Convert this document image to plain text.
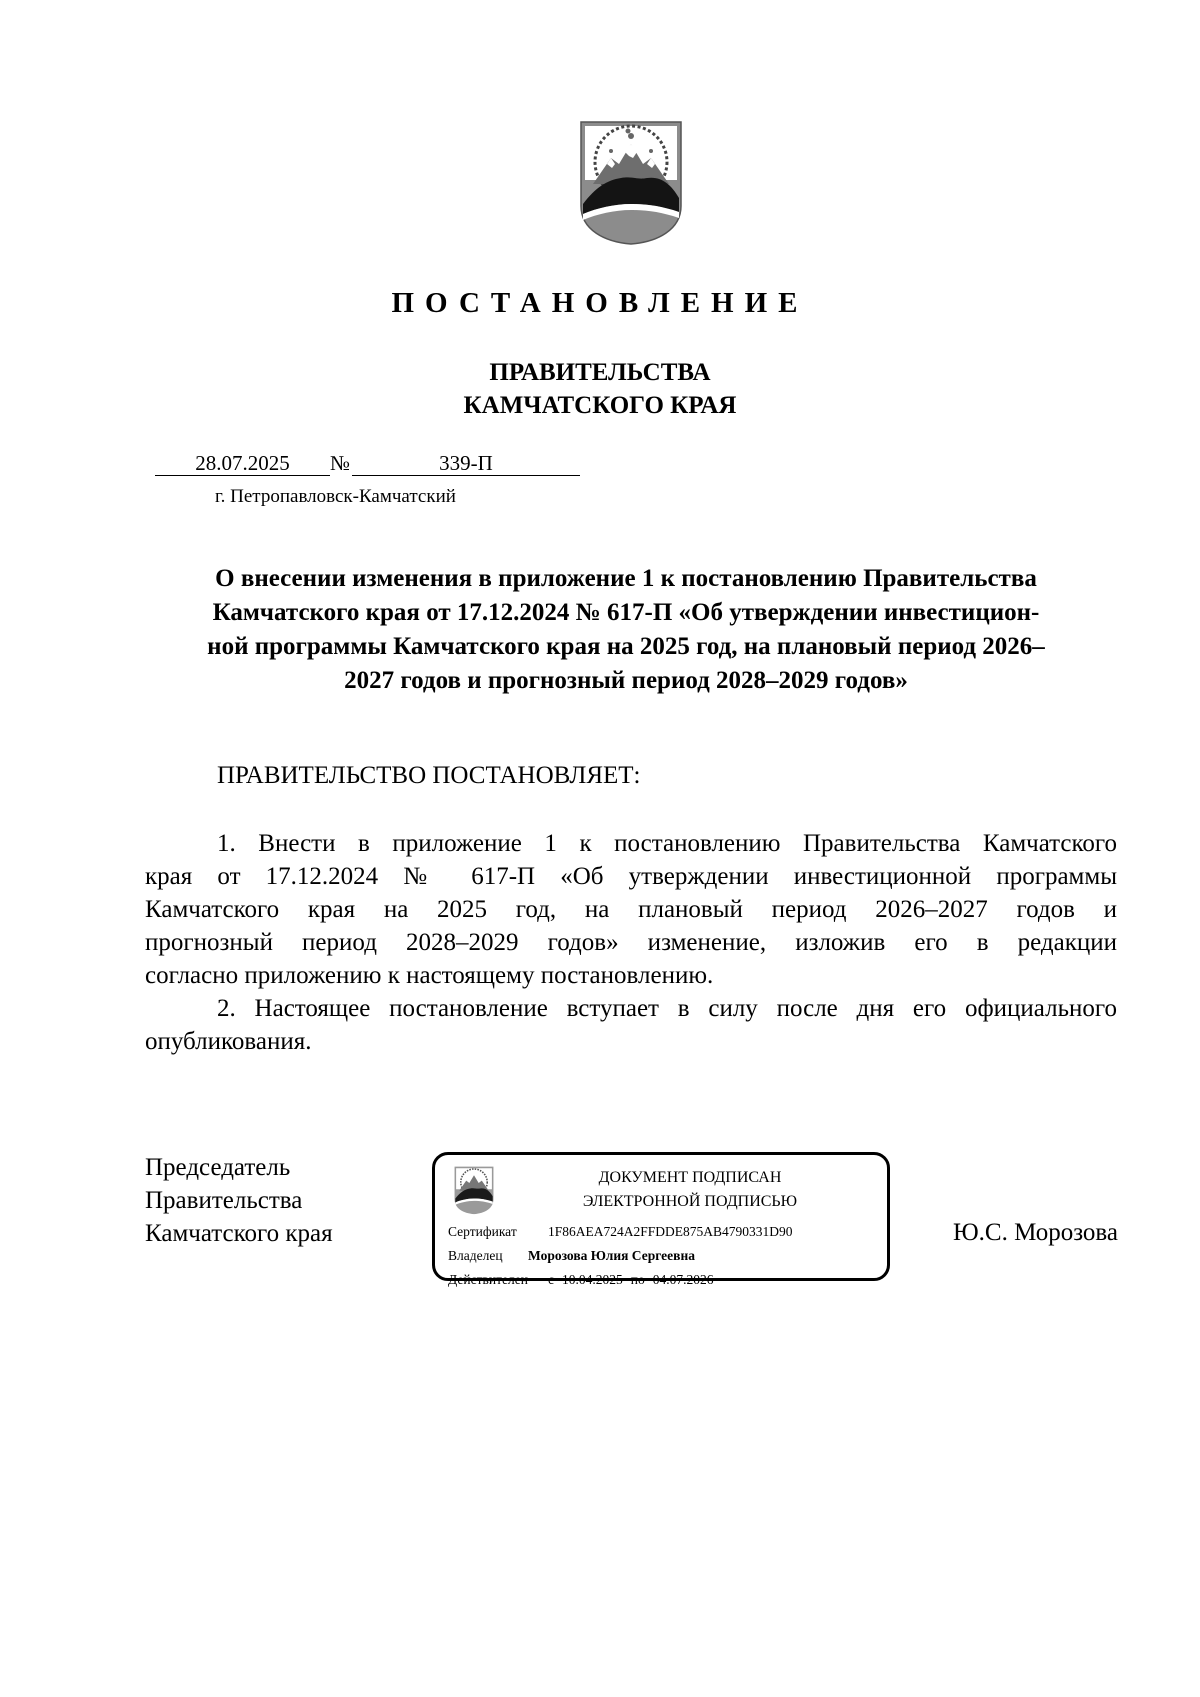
ПОСТАНОВЛЕНИЕ
ПРАВИТЕЛЬСТВА
КАМЧАТСКОГО КРАЯ
28.07.2025 №	339-П
г. Петропавловск-Камчатский
О внесении изменения в приложение 1 к постановлению Правительства
Камчатского края от 17.12.2024 № 617-П «Об утверждении инвестицион-
ной программы Камчатского края на 2025 год, на плановый период 2026–
2027 годов и прогнозный период 2028–2029 годов»
ПРАВИТЕЛЬСТВО ПОСТАНОВЛЯЕТ:
1. Внести в приложение 1 к постановлению Правительства Камчатского
края от 17.12.2024 № 617-П «Об утверждении инвестиционной программы
Камчатского края на 2025 год, на плановый период 2026–2027 годов и
прогнозный период 2028–2029 годов» изменение, изложив его в редакции
согласно приложению к настоящему постановлению.
2. Настоящее постановление вступает в силу после дня его официального
опубликования.
Председатель
Правительства
Камчатского края
ДОКУМЕНТ ПОДПИСАН
ЭЛЕКТРОННОЙ ПОДПИСЬЮ
Сертификат 1F86AEA724A2FFDDE875AB4790331D90
Владелец Морозова Юлия Сергеевна
Действителен с 10.04.2025 по 04.07.2026
Ю.С. Морозова
